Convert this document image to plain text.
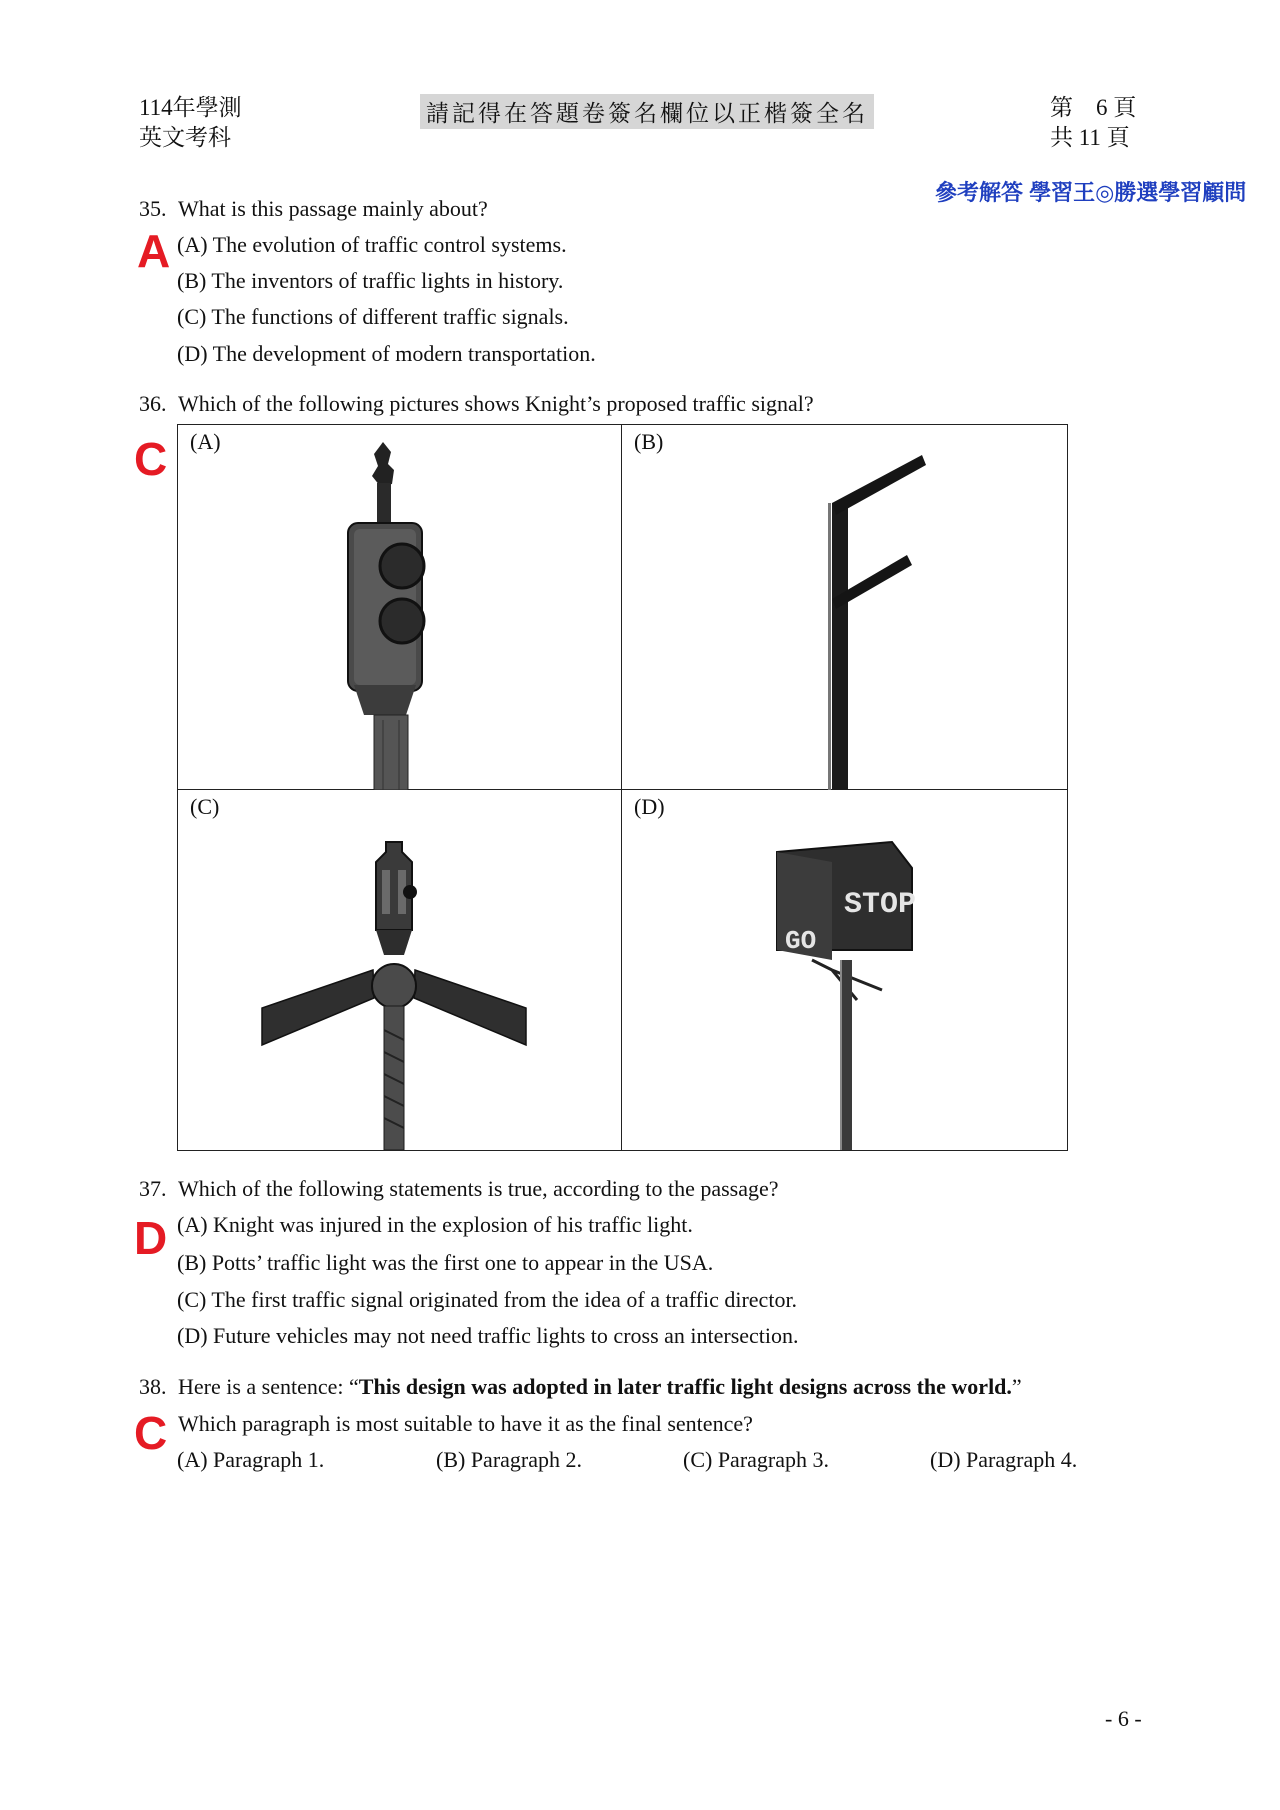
114年學測
英文考科
請記得在答題卷簽名欄位以正楷簽全名	第　6 頁
共 11 頁
參考解答 學習王◎勝選學習顧問
35. What is this passage mainly about?
A (A) The evolution of traffic control systems.
(B) The inventors of traffic lights in history.
(C) The functions of different traffic signals.
(D) The development of modern transportation.
36. Which of the following pictures shows Knight’s proposed traffic signal?
C (A)	(B)
(C)	(D)
STOP
GO
37. Which of the following statements is true, according to the passage?
D (A) Knight was injured in the explosion of his traffic light.
(B) Potts’ traffic light was the first one to appear in the USA.
(C) The first traffic signal originated from the idea of a traffic director.
(D) Future vehicles may not need traffic lights to cross an intersection.
38. Here is a sentence: “This design was adopted in later traffic light designs across the world.”
C Which paragraph is most suitable to have it as the final sentence?
(A) Paragraph 1.	(B) Paragraph 2.	(C) Paragraph 3.	(D) Paragraph 4.
- 6 -
